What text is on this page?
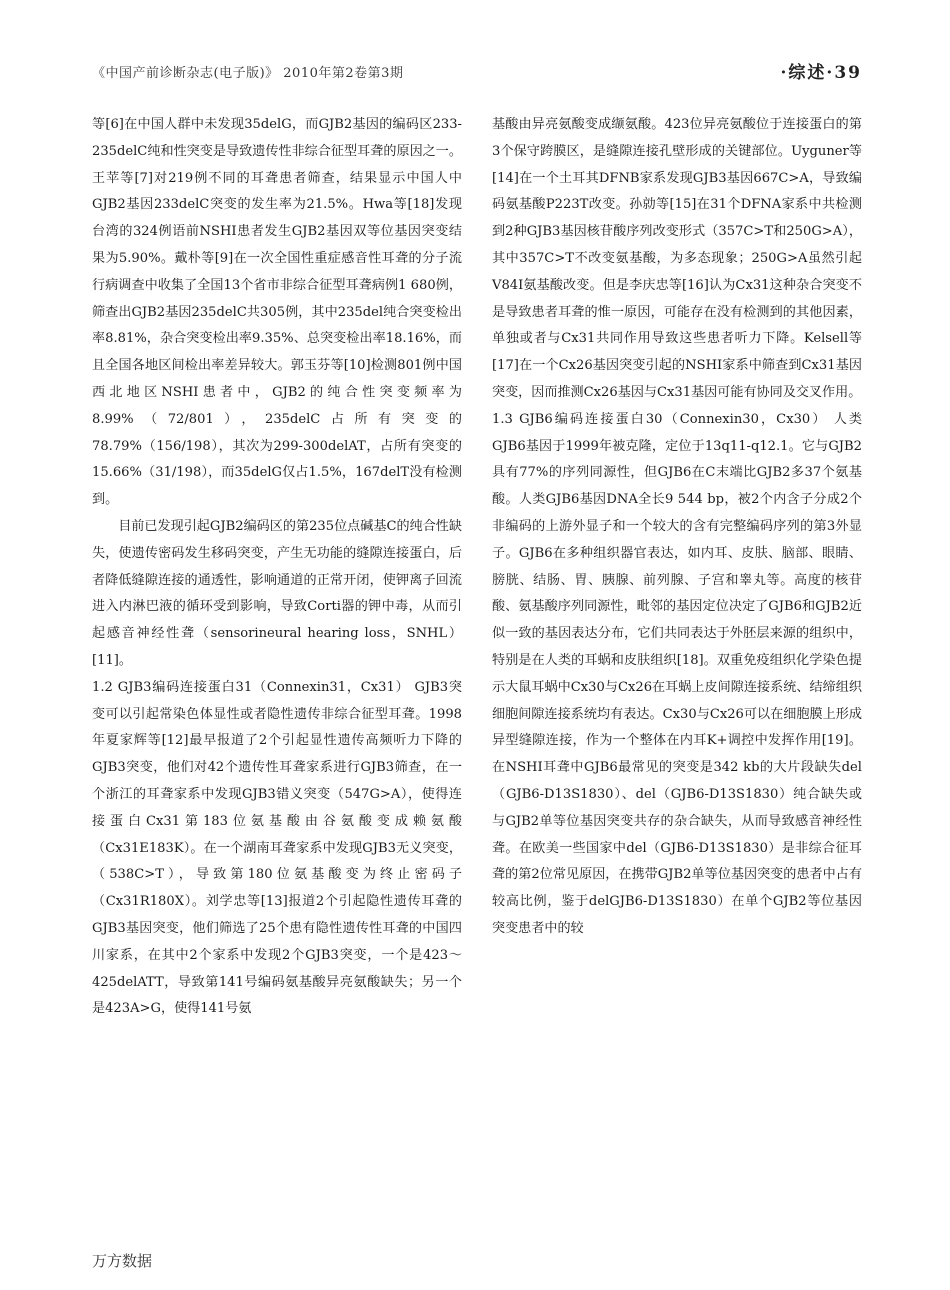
《中国产前诊断杂志(电子版)》 2010年第2卷第3期	·综述·39

等[6]在中国人群中未发现35delG，而GJB2基因的编码区233-235delC纯和性突变是导致遗传性非综合征型耳聋的原因之一。王苹等[7]对219例不同的耳聋患者筛查，结果显示中国人中GJB2基因233delC突变的发生率为21.5%。Hwa等[18]发现台湾的324例语前NSHI患者发生GJB2基因双等位基因突变结果为5.90%。戴朴等[9]在一次全国性重症感音性耳聋的分子流行病调查中收集了全国13个省市非综合征型耳聋病例1 680例，筛查出GJB2基因235delC共305例，其中235del纯合突变检出率8.81%，杂合突变检出率9.35%、总突变检出率18.16%，而且全国各地区间检出率差异较大。郭玉芬等[10]检测801例中国西北地区NSHI患者中，GJB2的纯合性突变频率为8.99%（72/801），235delC占所有突变的78.79%（156/198），其次为299-300delAT，占所有突变的15.66%（31/198），而35delG仅占1.5%，167delT没有检测到。

目前已发现引起GJB2编码区的第235位点碱基C的纯合性缺失，使遗传密码发生移码突变，产生无功能的缝隙连接蛋白，后者降低缝隙连接的通透性，影响通道的正常开闭，使钾离子回流进入内淋巴液的循环受到影响，导致Corti器的钾中毒，从而引起感音神经性聋（sensorineural hearing loss，SNHL）[11]。

1.2 GJB3编码连接蛋白31（Connexin31，Cx31） GJB3突变可以引起常染色体显性或者隐性遗传非综合征型耳聋。1998年夏家辉等[12]最早报道了2个引起显性遗传高频听力下降的GJB3突变，他们对42个遗传性耳聋家系进行GJB3筛查，在一个浙江的耳聋家系中发现GJB3错义突变（547G>A），使得连接蛋白Cx31第183位氨基酸由谷氨酸变成赖氨酸（Cx31E183K）。在一个湖南耳聋家系中发现GJB3无义突变，（538C>T），导致第180位氨基酸变为终止密码子（Cx31R180X）。刘学忠等[13]报道2个引起隐性遗传耳聋的GJB3基因突变，他们筛选了25个患有隐性遗传性耳聋的中国四川家系，在其中2个家系中发现2个GJB3突变，一个是423～425delATT，导致第141号编码氨基酸异亮氨酸缺失；另一个是423A>G，使得141号氨

基酸由异亮氨酸变成缬氨酸。423位异亮氨酸位于连接蛋白的第3个保守跨膜区，是缝隙连接孔壁形成的关键部位。Uyguner等[14]在一个土耳其DFNB家系发现GJB3基因667C>A，导致编码氨基酸P223T改变。孙勍等[15]在31个DFNA家系中共检测到2种GJB3基因核苷酸序列改变形式（357C>T和250G>A），其中357C>T不改变氨基酸，为多态现象；250G>A虽然引起V84I氨基酸改变。但是李庆忠等[16]认为Cx31这种杂合突变不是导致患者耳聋的惟一原因，可能存在没有检测到的其他因素，单独或者与Cx31共同作用导致这些患者听力下降。Kelsell等[17]在一个Cx26基因突变引起的NSHI家系中筛查到Cx31基因突变，因而推测Cx26基因与Cx31基因可能有协同及交叉作用。

1.3 GJB6编码连接蛋白30（Connexin30，Cx30） 人类GJB6基因于1999年被克隆，定位于13q11-q12.1。它与GJB2具有77%的序列同源性，但GJB6在C末端比GJB2多37个氨基酸。人类GJB6基因DNA全长9 544 bp，被2个内含子分成2个非编码的上游外显子和一个较大的含有完整编码序列的第3外显子。GJB6在多种组织器官表达，如内耳、皮肤、脑部、眼睛、膀胱、结肠、胃、胰腺、前列腺、子宫和睾丸等。高度的核苷酸、氨基酸序列同源性，毗邻的基因定位决定了GJB6和GJB2近似一致的基因表达分布，它们共同表达于外胚层来源的组织中，特别是在人类的耳蜗和皮肤组织[18]。双重免疫组织化学染色提示大鼠耳蜗中Cx30与Cx26在耳蜗上皮间隙连接系统、结缔组织细胞间隙连接系统均有表达。Cx30与Cx26可以在细胞膜上形成异型缝隙连接，作为一个整体在内耳K+调控中发挥作用[19]。在NSHI耳聋中GJB6最常见的突变是342 kb的大片段缺失del（GJB6-D13S1830）、del（GJB6-D13S1830）纯合缺失或与GJB2单等位基因突变共存的杂合缺失，从而导致感音神经性聋。在欧美一些国家中del（GJB6-D13S1830）是非综合征耳聋的第2位常见原因，在携带GJB2单等位基因突变的患者中占有较高比例，鉴于delGJB6-D13S1830）在单个GJB2等位基因突变患者中的较

万方数据
